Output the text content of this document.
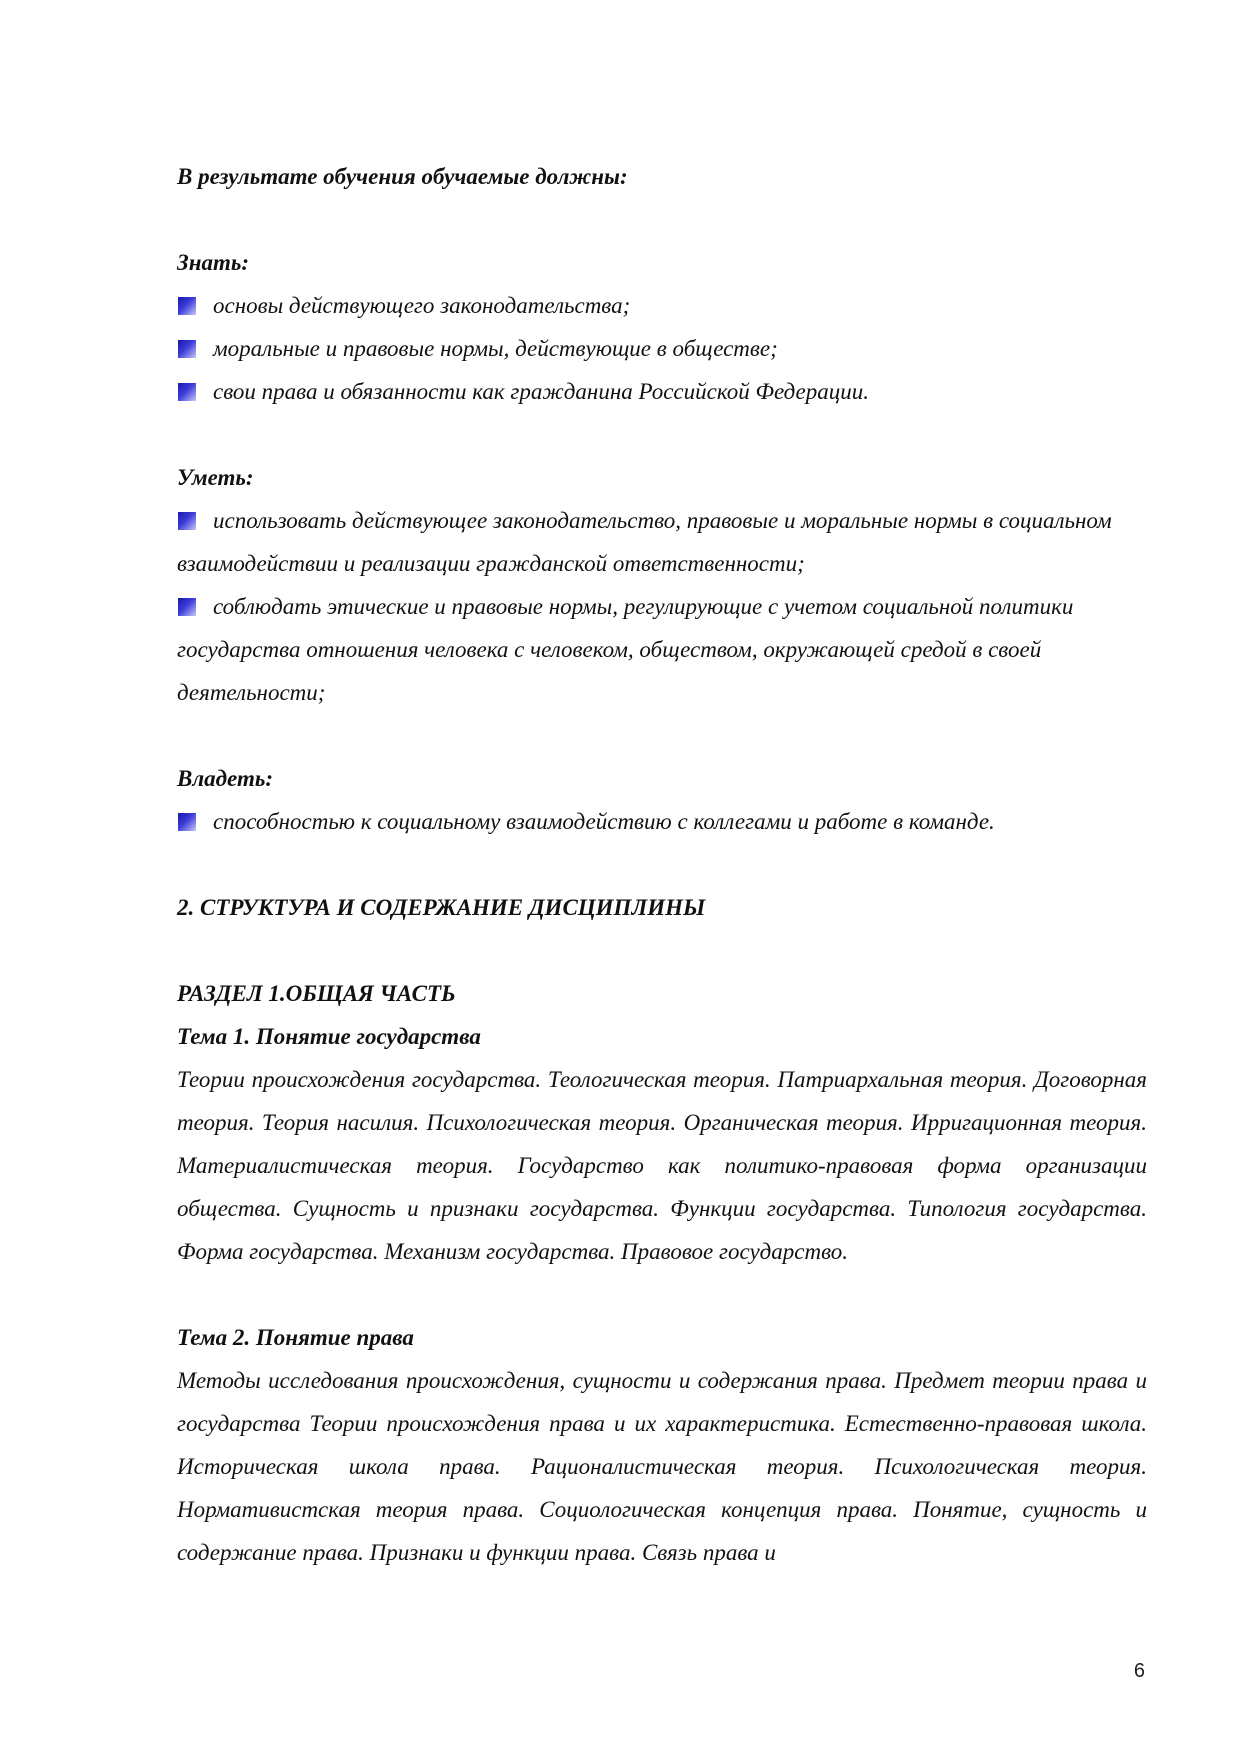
В результате обучения обучаемые должны:

Знать:

основы действующего законодательства;

моральные и правовые нормы, действующие в обществе;

свои права и обязанности как гражданина Российской Федерации.

Уметь:

использовать действующее законодательство, правовые и моральные нормы в социальном взаимодействии и реализации гражданской ответственности;

соблюдать этические и правовые нормы, регулирующие с учетом социальной политики государства отношения человека с человеком, обществом, окружающей средой в своей деятельности;

Владеть:

способностью к социальному взаимодействию с коллегами и работе в команде.

2. СТРУКТУРА И СОДЕРЖАНИЕ ДИСЦИПЛИНЫ

РАЗДЕЛ 1.ОБЩАЯ ЧАСТЬ

Тема 1. Понятие государства

Теории происхождения государства. Теологическая теория. Патриархальная теория. Договорная теория. Теория насилия. Психологическая теория. Органическая теория. Ирригационная теория. Материалистическая теория. Государство как политико-правовая форма организации общества. Сущность и признаки государства. Функции государства. Типология государства. Форма государства. Механизм государства. Правовое государство.

Тема 2. Понятие права

Методы исследования происхождения, сущности и содержания права. Предмет теории права и государства Теории происхождения права и их характеристика. Естественно-правовая школа. Историческая школа права. Рационалистическая теория. Психологическая теория. Нормативистская теория права. Социологическая концепция права. Понятие, сущность и содержание права. Признаки и функции права. Связь права и

6
